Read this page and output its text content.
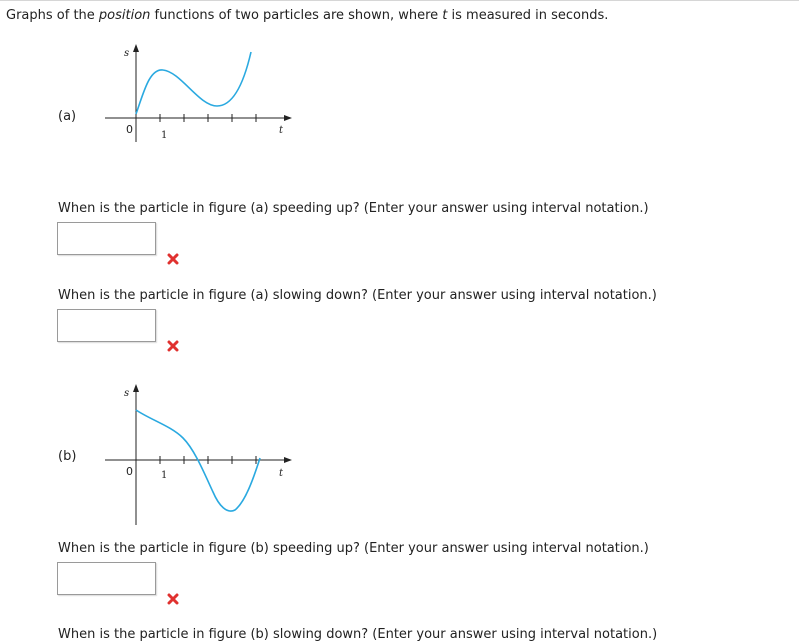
Graphs of the position functions of two particles are shown, where t is measured in seconds.
(a)
s
t
0	1
When is the particle in figure (a) speeding up? (Enter your answer using interval notation.)
When is the particle in figure (a) slowing down? (Enter your answer using interval notation.)
(b)
s
t
0	1
When is the particle in figure (b) speeding up? (Enter your answer using interval notation.)
When is the particle in figure (b) slowing down? (Enter your answer using interval notation.)
